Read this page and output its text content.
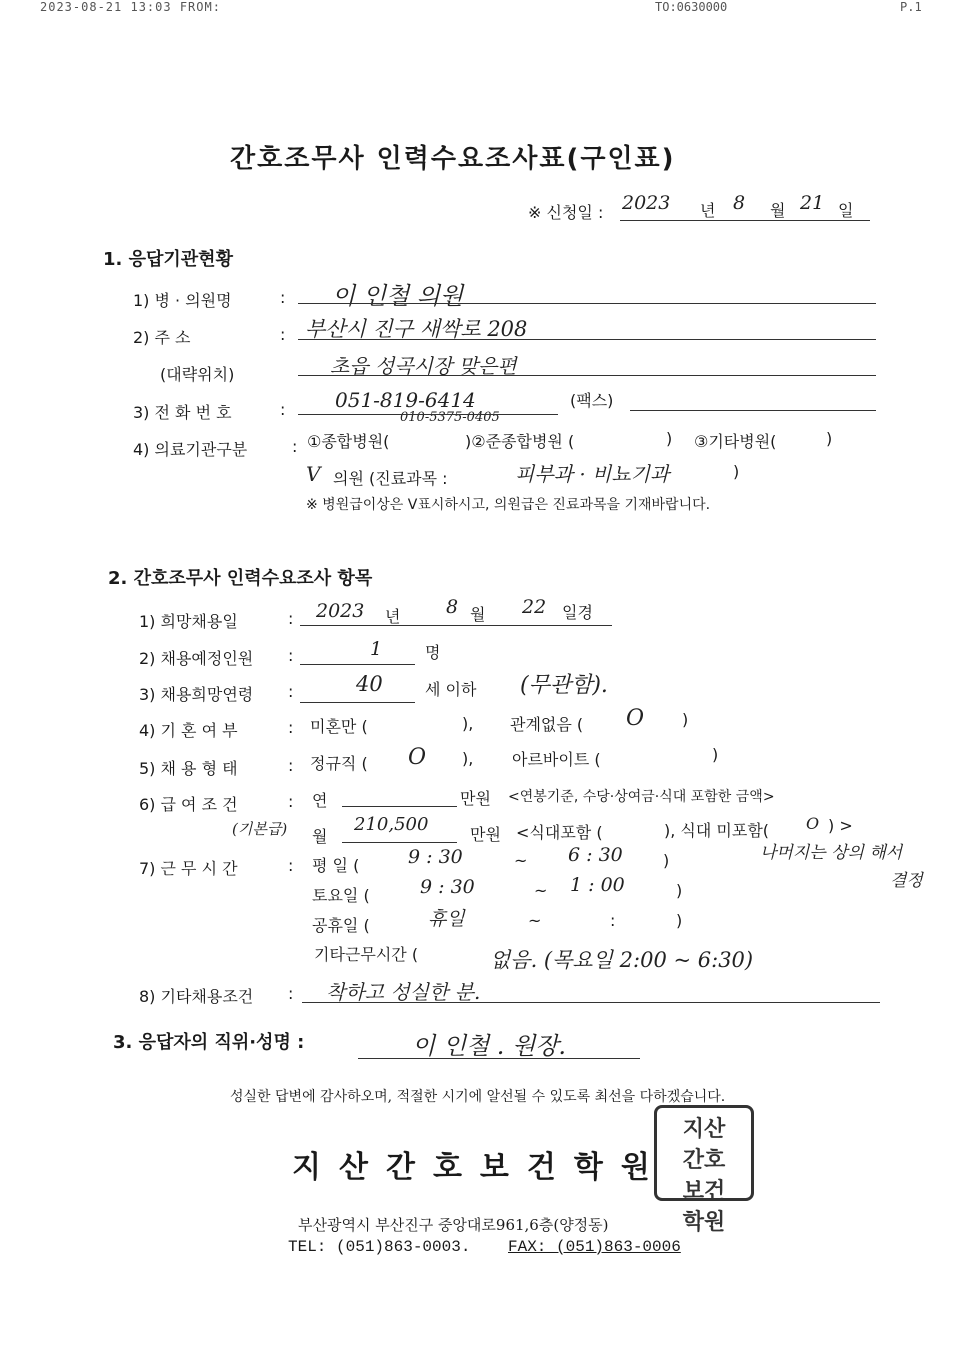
2023-08-21 13:03 FROM:	TO:0630000	P.1
간호조무사 인력수요조사표(구인표)
※ 신청일 : 2023 년 8 월 21 일
1. 응답기관현황
1) 병 · 의원명	: 이 인철 의원
2) 주 소	: 부산시 진구 새싹로 208
(대략위치)	초읍 성곡시장 맞은편
3) 전 화 번 호	: 051-819-6414
010-5375-0405
(팩스)
4) 의료기관구분	: ①종합병원(	)②준종합병원 (	) ③기타병원(	)
V 의원 (진료과목 :	피부과 · 비뇨기과	)
※ 병원급이상은 V표시하시고, 의원급은 진료과목을 기재바랍니다.
2. 간호조무사 인력수요조사 항목
1) 희망채용일	: 2023 년 8 월 22 일경
2) 채용예정인원 :	1	명
3) 채용희망연령 :	40	세 이하 (무관함).
4) 기 혼 여 부	: 미혼만 (	), 관계없음 ( O )
5) 채 용 형 태	: 정규직 ( O ), 아르바이트 (	)
6) 급 여 조 건	: 연	만원 <연봉기준, 수당·상여금·식대 포함한 금액>
(기본급) 월
210,500	만원 <식대포함 (	), 식대 미포함( O ) >
7) 근 무 시 간	: 평 일 (	9 : 30	~ 6 : 30	)	나머지는 상의 해서
결정
토요일 (	9 : 30	~ 1 : 00	)
공휴일 (	휴일	~	:	)
기타근무시간 (	없음. (목요일 2:00 ~ 6:30)
8) 기타채용조건 : 착하고 성실한 분.
3. 응답자의 직위·성명 :	이 인철 . 원장.
성실한 답변에 감사하오며, 적절한 시기에 알선될 수 있도록 최선을 다하겠습니다.
지산간호보건학원
지산
간호
보건
학원
부산광역시 부산진구 중앙대로961,6층(양정동)
TEL: (051)863-0003. FAX: (051)863-0006
